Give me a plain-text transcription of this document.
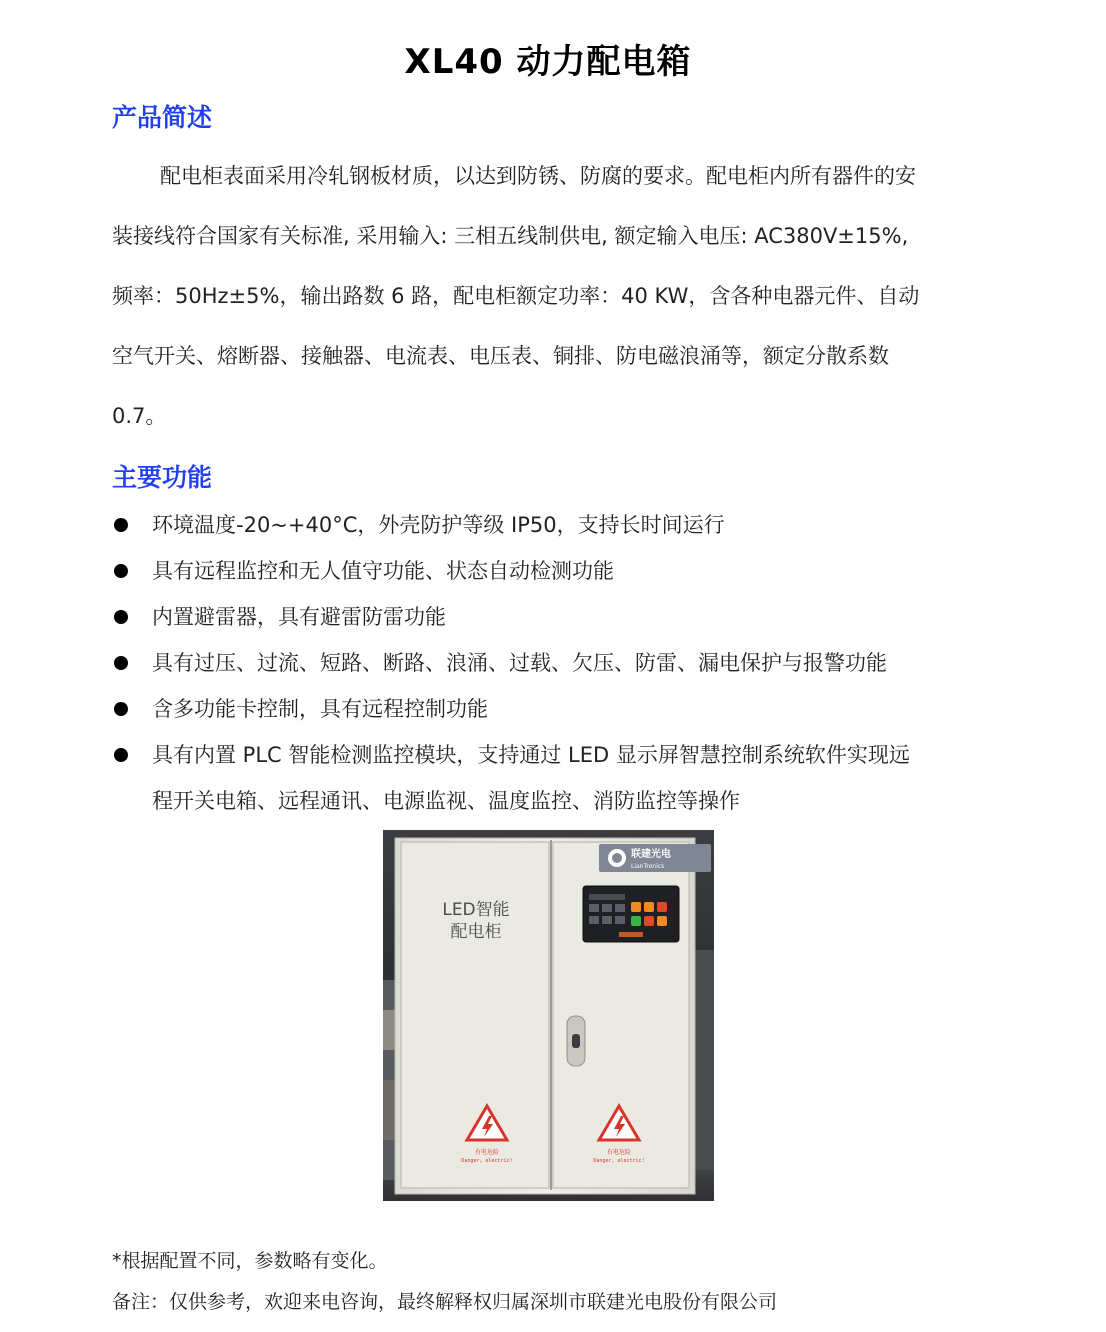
XL40 动力配电箱
产品简述
配电柜表面采用冷轧钢板材质，以达到防锈、防腐的要求。配电柜内所有器件的安
装接线符合国家有关标准, 采用输入: 三相五线制供电, 额定输入电压: AC380V±15%,
频率：50Hz±5%，输出路数 6 路，配电柜额定功率：40 KW，含各种电器元件、自动
空气开关、熔断器、接触器、电流表、电压表、铜排、防电磁浪涌等，额定分散系数
0.7。
主要功能
环境温度-20~+40°C，外壳防护等级 IP50，支持长时间运行
具有远程监控和无人值守功能、状态自动检测功能
内置避雷器，具有避雷防雷功能
具有过压、过流、短路、断路、浪涌、过载、欠压、防雷、漏电保护与报警功能
含多功能卡控制，具有远程控制功能
具有内置 PLC 智能检测监控模块，支持通过 LED 显示屏智慧控制系统软件实现远
程开关电箱、远程通讯、电源监视、温度监控、消防监控等操作
联建光电
LianTronics
LED智能
配电柜
有电危险
Danger, electric!
有电危险
Danger, electric!
*根据配置不同，参数略有变化。
备注：仅供参考，欢迎来电咨询，最终解释权归属深圳市联建光电股份有限公司
